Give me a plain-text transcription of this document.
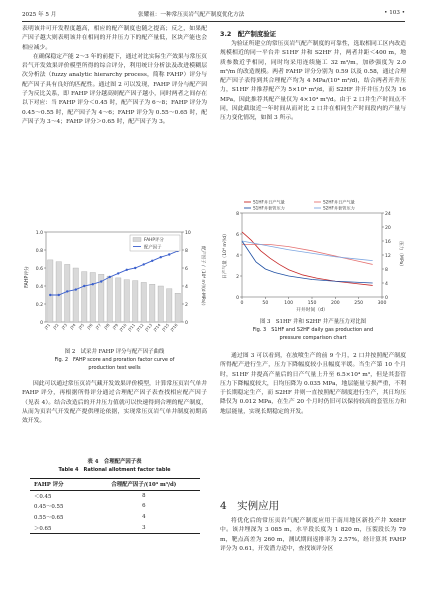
2025 年 5 月	张耀祖：一种常压页岩气配产制度优化方法	• 103 •

表明该井可开发程度越高，相应的配产制度也随之提高；反之，如果配产因子越大则表明该井在相同的开井压力下的配产量低，区块产能也会相应减少。

在确保稳定产能 2～3 年的前提下，通过对比实际生产效果与常压页岩气开发效果评价模型所得的综合评分，利用统计分析法及改进模糊层次分析法（fuzzy analytic hierarchy process，简称 FAHP）评分与配产因子具有良好的匹配性。通过图 2 可以发现，FAHP 评分与配产因子为反比关系，即 FAHP 评分越高则配产因子越小，同时两者之间存在以下对应：当 FAHP 评分＜0.45 时，配产因子为 6～8；FAHP 评分为 0.45～0.55 时，配产因子为 4～6；FAHP 评分为 0.55～0.65 时，配产因子为 3～4；FAHP 评分＞0.65 时，配产因子为 3。

0
0.2
0.4
0.6
0.8
1.0
0
2
4
6
8
10
JY1 JY2 JY3 JY4 JY5 JY6 JY7 JY8 JY9 JY10 JY11 JY12 JY13 JY14 JY15 JY16
FAHP评分	配产因子 /（10⁴ m³/(d·MPa)）
FAHP评分
配产因子
图 2　试采井 FAHP 评分与配产因子曲线
Fig. 2　FAHP score and proration factor curve of
production test wells

因此可以通过常压页岩气藏开发效果评价模型，计算常压页岩气单井 FAHP 评分，再根据所得评分通过合理配产因子表查找相应配产因子（见表 4）。结合改造后的开井压力值就可以快速得到合理的配产制度，从而为页岩气开发配产提供理论依据，实现常压页岩气单井制度初期高效开发。

表 4　合理配产因子表
Table 4　Rational allotment factor table
FAHP 评分	合理配产因子/(10⁴ m³/d)
＜0.45	8
0.45～0.55	6
0.55～0.65	4
＞0.65	3
3.2　配产制度验证

为验证所建立的常压页岩气配产制度的可靠性，选取相同工区内改造规模相近的同一平台井 S1HF 井和 S2HF 井，两者井距＜400 m，地质参数近乎相同，同时均采用连续施工 32 m³/m，加砂强度为 2.0 m³/m 的改造规模。两者 FAHP 评分分别为 0.59 以及 0.58，通过合理配产因子表得到其合理配产均为 4 MPa/(10⁴ m³/d)，结合两者开井压力，S1HF 井推荐配产为 5×10⁴ m³/d，而 S2HF 井开井压力仅为 16 MPa，因此推荐其配产量仅为 4×10⁴ m³/d。由于 2 口井生产时间点不同，因此截取近一年时间从而对比 2 口井在相同生产时间段内的产量与压力变化情况，如图 3 所示。

0	50	100	150	200	250	300
0
2
4
6
8
0
4
8
12
16
20
24
S1HF井日产气量	S2HF井日产气量
S1HF井套管压力	S2HF井套管压力
开井时间（d）
日产气量（10⁴ m³/d）	压力（MPa）
图 3　S1HF 井和 S2HF 井产量压力对比图
Fig. 3　S1HF and S2HF daily gas production and
pressure comparison chart

通过图 3 可以看到，在放喷生产的前 9 个月，2 口井按照配产制度所得配产进行生产，压力下降幅度较小且幅度平缓。当生产第 10 个月时，S1HF 井提高产量后的日产气量上升至 6.5×10⁴ m³，但是其套管压力下降幅度较大，日均压降为 0.035 MPa，地层能量亏损严重，不利于长期稳定生产，而 S2HF 井则一直按照配产制度进行生产，其日均压降仅为 0.012 MPa，在生产 20 个月时仍旧可以保持较高的套管压力和地层能量，实现长期稳定的开发。

4　实例应用

将优化后的常压页岩气配产制度应用于南川地区新投产井 X6HF 中。该井埋深为 3 085 m，水平段长度为 1 820 m，压裂段长为 79 m，靶点高差为 260 m，测试期间返排率为 2.57%，经计算其 FAHP 评分为 0.61，开发潜力适中，查找该评分区
